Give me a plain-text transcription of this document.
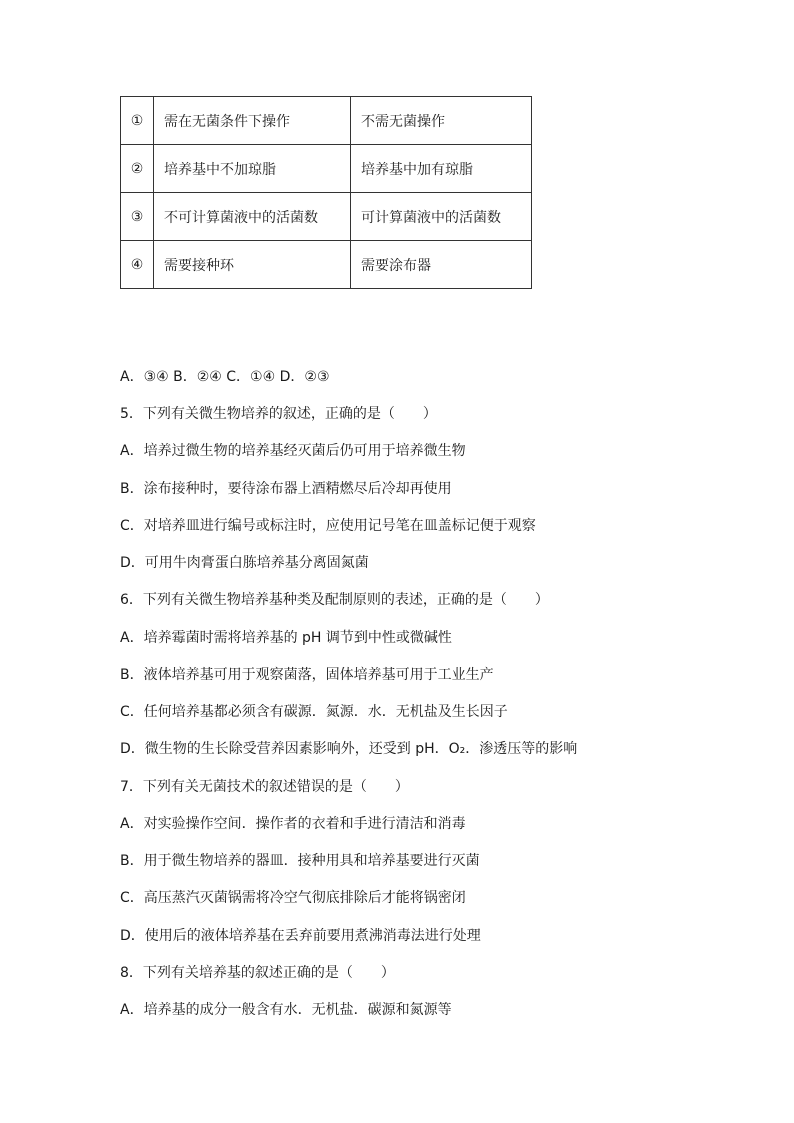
①	需在无菌条件下操作	不需无菌操作
②	培养基中不加琼脂	培养基中加有琼脂
③	不可计算菌液中的活菌数	可计算菌液中的活菌数
④	需要接种环	需要涂布器
A．③④ B．②④ C．①④ D．②③
5．下列有关微生物培养的叙述，正确的是（　　）
A．培养过微生物的培养基经灭菌后仍可用于培养微生物
B．涂布接种时，要待涂布器上酒精燃尽后冷却再使用
C．对培养皿进行编号或标注时，应使用记号笔在皿盖标记便于观察
D．可用牛肉膏蛋白胨培养基分离固氮菌
6．下列有关微生物培养基种类及配制原则的表述，正确的是（　　）
A．培养霉菌时需将培养基的 pH 调节到中性或微碱性
B．液体培养基可用于观察菌落，固体培养基可用于工业生产
C．任何培养基都必须含有碳源．氮源．水．无机盐及生长因子
D．微生物的生长除受营养因素影响外，还受到 pH．O₂．渗透压等的影响
7．下列有关无菌技术的叙述错误的是（　　）
A．对实验操作空间．操作者的衣着和手进行清洁和消毒
B．用于微生物培养的器皿．接种用具和培养基要进行灭菌
C．高压蒸汽灭菌锅需将冷空气彻底排除后才能将锅密闭
D．使用后的液体培养基在丢弃前要用煮沸消毒法进行处理
8．下列有关培养基的叙述正确的是（　　）
A．培养基的成分一般含有水．无机盐．碳源和氮源等
